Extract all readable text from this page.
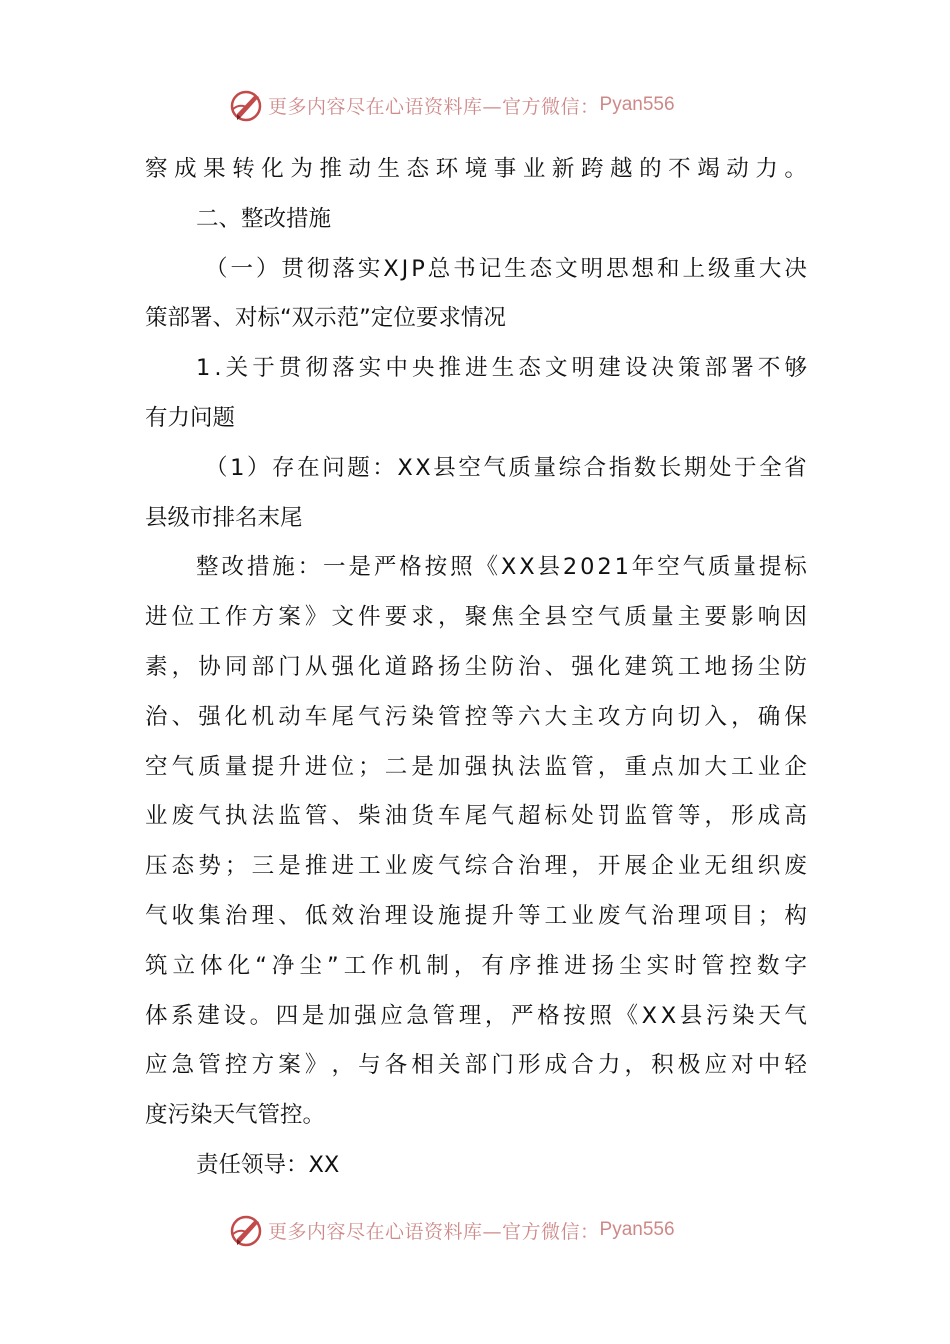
更多内容尽在心语资料库—官方微信： Pyan556
察 成 果 转 化 为 推 动 生 态 环 境 事 业 新 跨 越 的 不 竭 动 力 。
二、整改措施
（ 一 ） 贯 彻 落 实 X J P 总 书 记 生 态 文 明 思 想 和 上 级 重 大 决
策部署、对标“双示范”定位要求情况
1 . 关 于 贯 彻 落 实 中 央 推 进 生 态 文 明 建 设 决 策 部 署 不 够
有力问题
（ 1 ） 存 在 问 题 ： X X 县 空 气 质 量 综 合 指 数 长 期 处 于 全 省
县级市排名末尾
整 改 措 施 ： 一 是 严 格 按 照 《 X X 县 2 0 2 1 年 空 气 质 量 提 标
进 位 工 作 方 案 》 文 件 要 求 ， 聚 焦 全 县 空 气 质 量 主 要 影 响 因
素 ， 协 同 部 门 从 强 化 道 路 扬 尘 防 治 、 强 化 建 筑 工 地 扬 尘 防
治 、 强 化 机 动 车 尾 气 污 染 管 控 等 六 大 主 攻 方 向 切 入 ， 确 保
空 气 质 量 提 升 进 位 ； 二 是 加 强 执 法 监 管 ， 重 点 加 大 工 业 企
业 废 气 执 法 监 管 、 柴 油 货 车 尾 气 超 标 处 罚 监 管 等 ， 形 成 高
压 态 势 ； 三 是 推 进 工 业 废 气 综 合 治 理 ， 开 展 企 业 无 组 织 废
气 收 集 治 理 、 低 效 治 理 设 施 提 升 等 工 业 废 气 治 理 项 目 ； 构
筑 立 体 化 “ 净 尘 ” 工 作 机 制 ， 有 序 推 进 扬 尘 实 时 管 控 数 字
体 系 建 设 。 四 是 加 强 应 急 管 理 ， 严 格 按 照 《 X X 县 污 染 天 气
应 急 管 控 方 案 》 ， 与 各 相 关 部 门 形 成 合 力 ， 积 极 应 对 中 轻
度污染天气管控。
责任领导：XX
更多内容尽在心语资料库—官方微信： Pyan556
